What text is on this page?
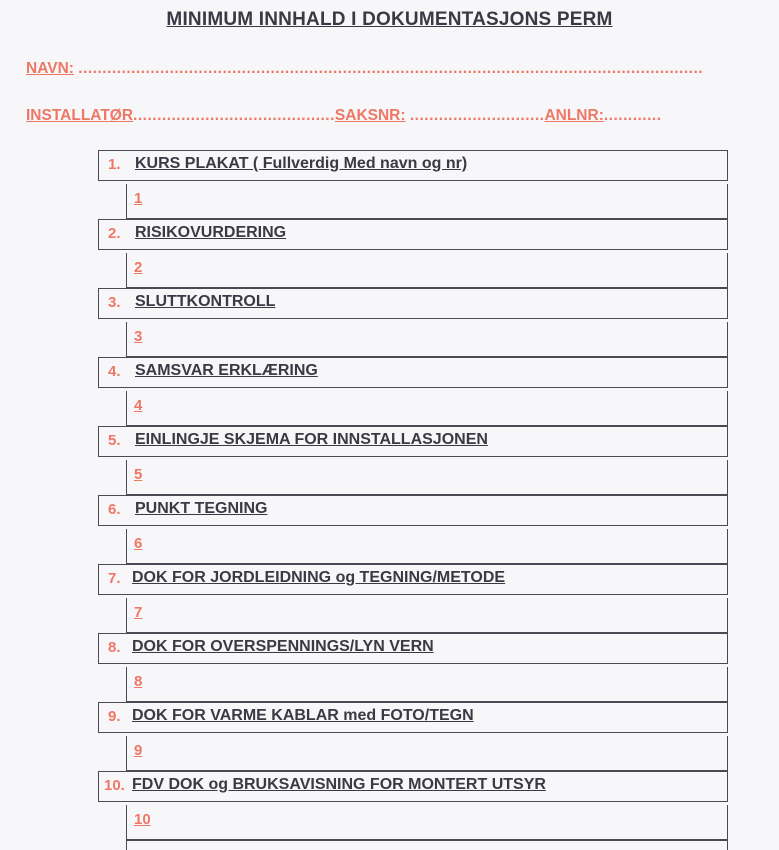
MINIMUM INNHALD I DOKUMENTASJONS PERM
NAVN: ..................................................................................................................................
INSTALLATØR..........................................SAKSNR: ............................ANLNR:............
1. KURS PLAKAT ( Fullverdig Med navn og nr)
1
2. RISIKOVURDERING
2
3. SLUTTKONTROLL
3
4. SAMSVAR ERKLÆRING
4
5. EINLINGJE SKJEMA FOR INNSTALLASJONEN
5
6. PUNKT TEGNING
6
7. DOK FOR JORDLEIDNING og TEGNING/METODE
7
8. DOK FOR OVERSPENNINGS/LYN VERN
8
9. DOK FOR VARME KABLAR med FOTO/TEGN
9
10. FDV DOK og BRUKSAVISNING FOR MONTERT UTSYR
10
